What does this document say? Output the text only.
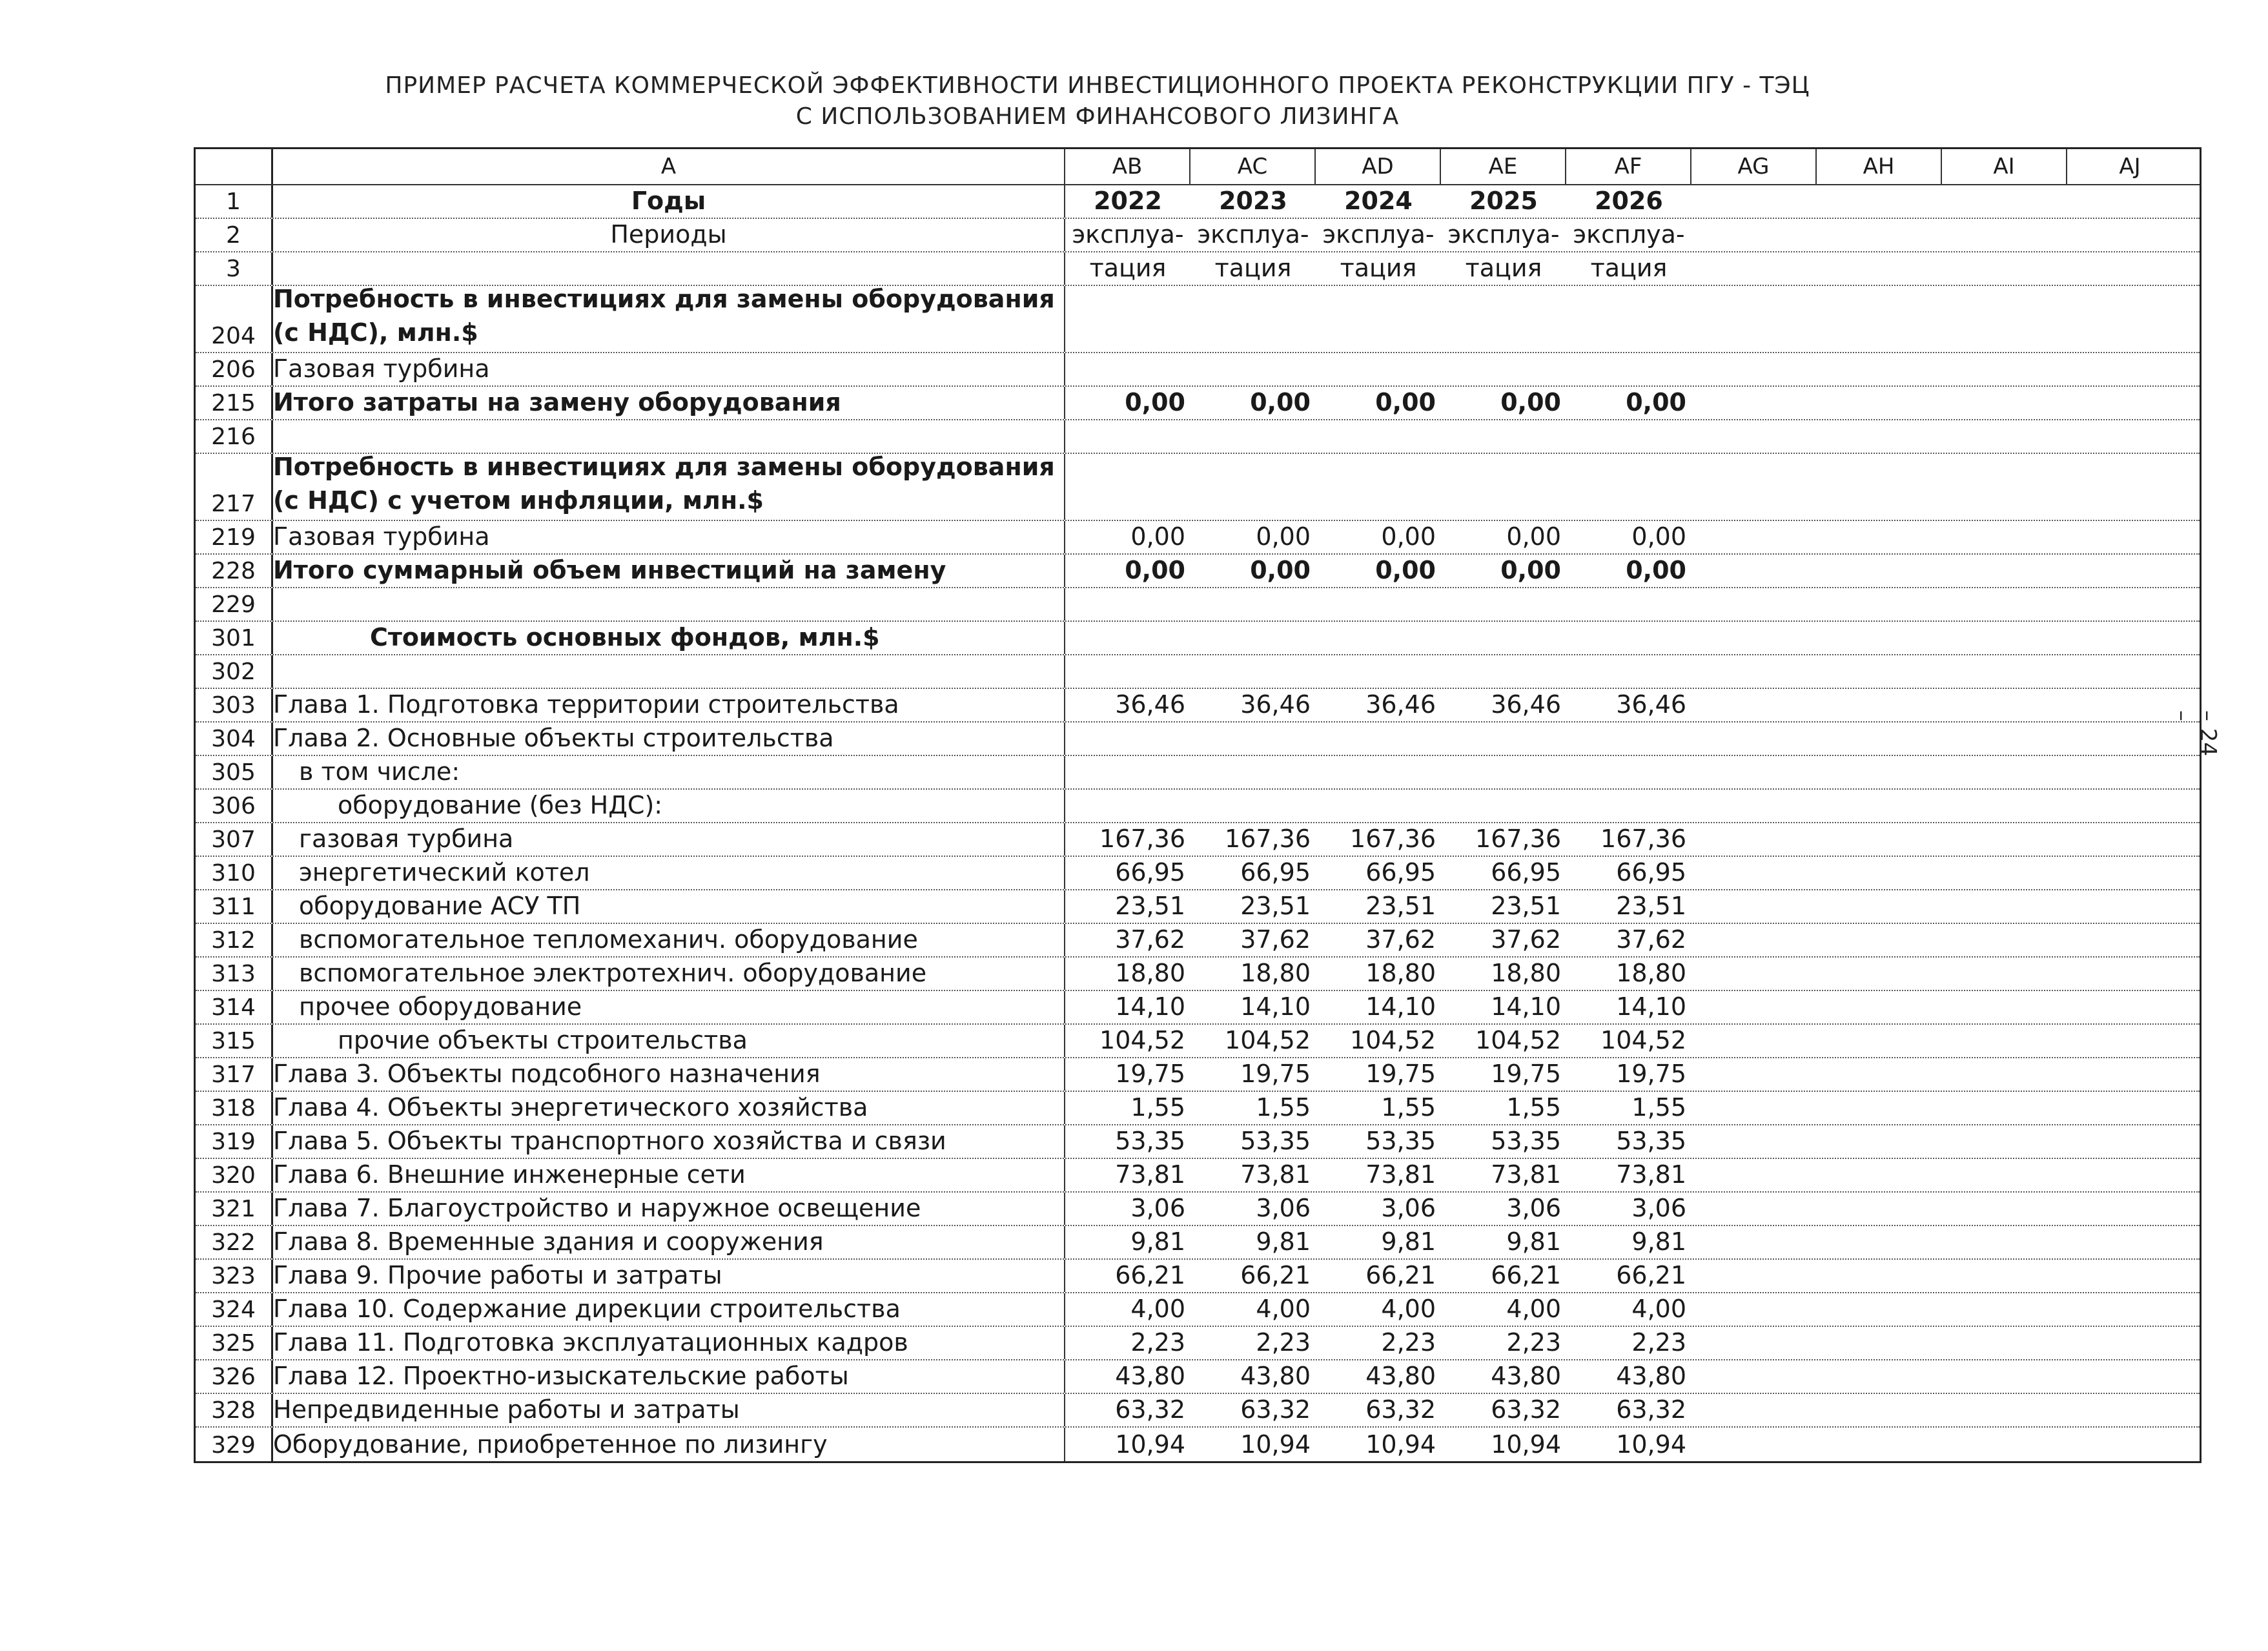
ПРИМЕР РАСЧЕТА КОММЕРЧЕСКОЙ ЭФФЕКТИВНОСТИ ИНВЕСТИЦИОННОГО ПРОЕКТА РЕКОНСТРУКЦИИ ПГУ - ТЭЦ
С ИСПОЛЬЗОВАНИЕМ ФИНАНСОВОГО ЛИЗИНГА
– 24 –
A	AB	AC	AD	AE	AF	AG	AH	AI	AJ
1	Годы	2022	2023	2024	2025	2026
2	Периоды	эксплуа- эксплуа- эксплуа- эксплуа- эксплуа-
3	тация	тация	тация	тация	тация
204
Потребность в инвестициях для замены оборудования
(с НДС), млн.$
206 Газовая турбина
215 Итого затраты на замену оборудования	0,00	0,00	0,00	0,00	0,00
216
217
Потребность в инвестициях для замены оборудования
(с НДС) с учетом инфляции, млн.$
219 Газовая турбина	0,00	0,00	0,00	0,00	0,00
228 Итого суммарный объем инвестиций на замену	0,00	0,00	0,00	0,00	0,00
229
301	Стоимость основных фондов, млн.$
302
303 Глава 1. Подготовка территории строительства	36,46	36,46	36,46	36,46	36,46
304 Глава 2. Основные объекты строительства
305	в том числе:
306	оборудование (без НДС):
307	газовая турбина	167,36	167,36	167,36	167,36	167,36
310	энергетический котел	66,95	66,95	66,95	66,95	66,95
311	оборудование АСУ ТП	23,51	23,51	23,51	23,51	23,51
312	вспомогательное тепломеханич. оборудование	37,62	37,62	37,62	37,62	37,62
313	вспомогательное электротехнич. оборудование	18,80	18,80	18,80	18,80	18,80
314	прочее оборудование	14,10	14,10	14,10	14,10	14,10
315	прочие объекты строительства	104,52	104,52	104,52	104,52	104,52
317 Глава 3. Объекты подсобного назначения	19,75	19,75	19,75	19,75	19,75
318 Глава 4. Объекты энергетического хозяйства	1,55	1,55	1,55	1,55	1,55
319 Глава 5. Объекты транспортного хозяйства и связи	53,35	53,35	53,35	53,35	53,35
320 Глава 6. Внешние инженерные сети	73,81	73,81	73,81	73,81	73,81
321 Глава 7. Благоустройство и наружное освещение	3,06	3,06	3,06	3,06	3,06
322 Глава 8. Временные здания и сооружения	9,81	9,81	9,81	9,81	9,81
323 Глава 9. Прочие работы и затраты	66,21	66,21	66,21	66,21	66,21
324 Глава 10. Содержание дирекции строительства	4,00	4,00	4,00	4,00	4,00
325 Глава 11. Подготовка эксплуатационных кадров	2,23	2,23	2,23	2,23	2,23
326 Глава 12. Проектно-изыскательские работы	43,80	43,80	43,80	43,80	43,80
328 Непредвиденные работы и затраты	63,32	63,32	63,32	63,32	63,32
329 Оборудование, приобретенное по лизингу	10,94	10,94	10,94	10,94	10,94
